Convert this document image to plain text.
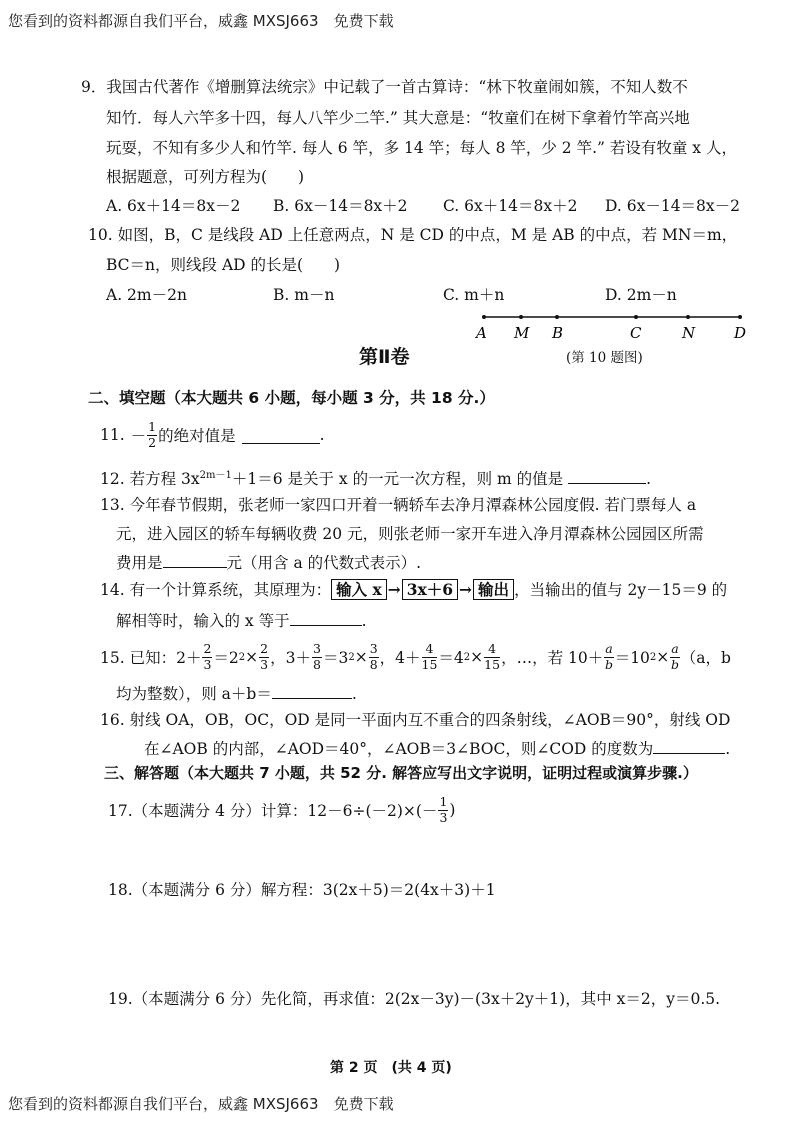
您看到的资料都源自我们平台，威鑫 MXSJ663　免费下载
9．我国古代著作《增删算法统宗》中记载了一首古算诗：“林下牧童闹如簇，不知人数不
知竹．每人六竿多十四，每人八竿少二竿.” 其大意是：“牧童们在树下拿着竹竿高兴地
玩耍，不知有多少人和竹竿. 每人 6 竿，多 14 竿；每人 8 竿，少 2 竿.” 若设有牧童 x 人，
根据题意，可列方程为(　　)
A. 6x＋14＝8x－2 B. 6x－14＝8x＋2 C. 6x＋14＝8x＋2 D. 6x－14＝8x－2
10. 如图，B，C 是线段 AD 上任意两点，N 是 CD 的中点，M 是 AB 的中点，若 MN＝m，
BC＝n，则线段 AD 的长是(　　)
A. 2m－2n	B. m－n	C. m＋n	D. 2m－n
A M B	C	N	D
第Ⅱ卷	(第 10 题图)
二、填空题（本大题共 6 小题，每小题 3 分，共 18 分.）
11. － $\frac{1}{2}$ 的绝对值是	.
12. 若方程 $3x^{2m-1}+1=6$ 是关于 x 的一元一次方程，则 m 的值是	.
13. 今年春节假期，张老师一家四口开着一辆轿车去净月潭森林公园度假. 若门票每人 a
元，进入园区的轿车每辆收费 20 元，则张老师一家开车进入净月潭森林公园园区所需
费用是	元（用含 a 的代数式表示）.
14. 有一个计算系统，其原理为： 输入 x → 3x＋6 → 输出 ，当输出的值与 2y－15＝9 的
解相等时，输入的 x 等于	.
15. 已知： $2+ \frac{2}{3} =2$ $2 \times \frac{2}{3}$ ，$3+ \frac{3}{8} =3$ $2 \times \frac{3}{8}$ ，$4+ \frac{4}{15} =4$ $2 \times \frac{4}{15}$ ，…，若 $10+ \frac{a}{b} =10$ $2 \times \frac{a}{b} (a$，b
均为整数），则 a＋b＝	.
16. 射线 OA，OB，OC，OD 是同一平面内互不重合的四条射线，∠AOB＝90°，射线 OD
在∠AOB 的内部，∠AOD＝40°，∠AOB＝3∠BOC，则∠COD 的度数为	.
三、解答题（本大题共 7 小题，共 52 分. 解答应写出文字说明，证明过程或演算步骤.）
17.（本题满分 4 分）计算：$12-6\div(-2)\times(- \frac{1}{3}$ )
18.（本题满分 6 分）解方程：3(2x＋5)＝2(4x＋3)＋1
19.（本题满分 6 分）先化简，再求值：2(2x－3y)－(3x＋2y＋1)，其中 x＝2，y＝0.5.
第 2 页　(共 4 页)
您看到的资料都源自我们平台，威鑫 MXSJ663　免费下载
